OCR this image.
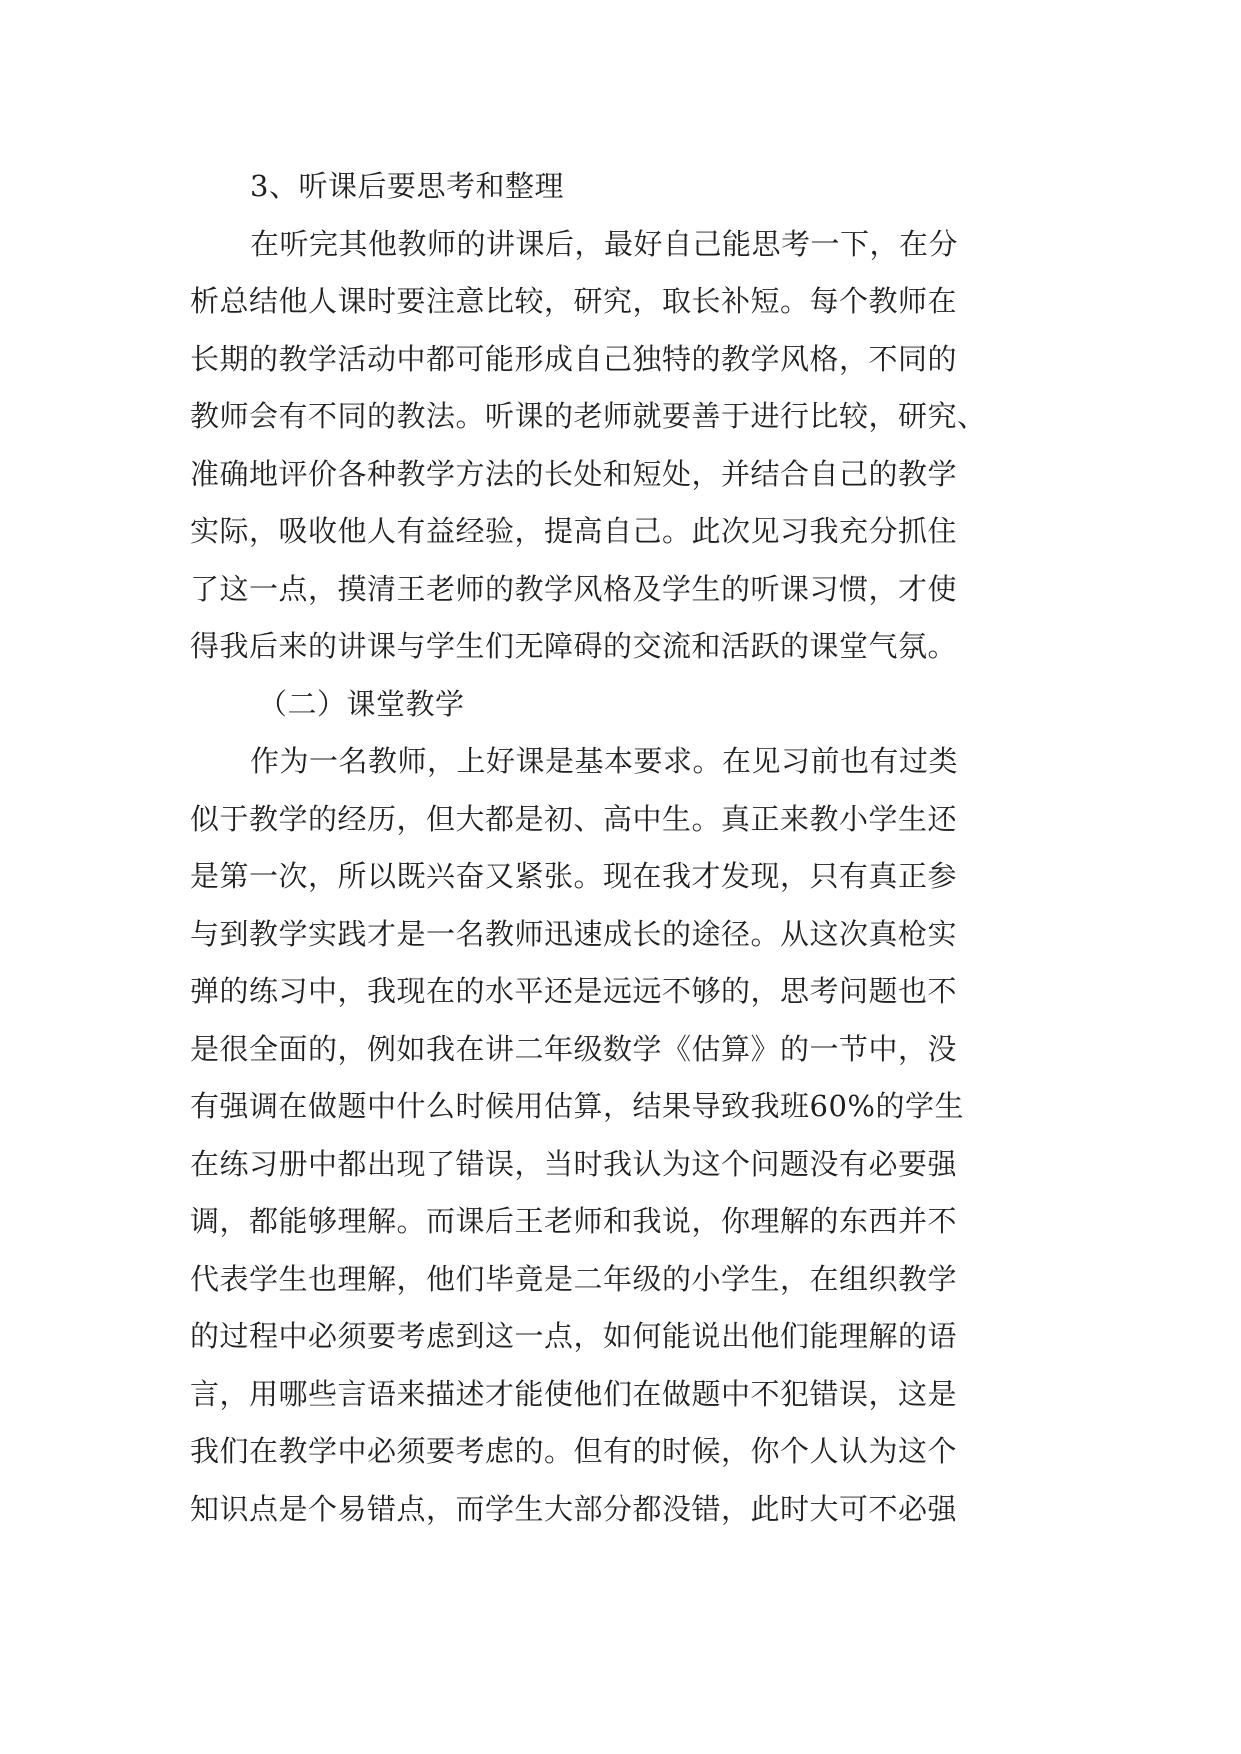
3、听课后要思考和整理
在听完其他教师的讲课后，最好自己能思考一下，在分
析总结他人课时要注意比较，研究，取长补短。每个教师在
长期的教学活动中都可能形成自己独特的教学风格，不同的
教师会有不同的教法。听课的老师就要善于进行比较，研究、
准确地评价各种教学方法的长处和短处，并结合自己的教学
实际，吸收他人有益经验，提高自己。此次见习我充分抓住
了这一点，摸清王老师的教学风格及学生的听课习惯，才使
得我后来的讲课与学生们无障碍的交流和活跃的课堂气氛。
（二）课堂教学
作为一名教师，上好课是基本要求。在见习前也有过类
似于教学的经历，但大都是初、高中生。真正来教小学生还
是第一次，所以既兴奋又紧张。现在我才发现，只有真正参
与到教学实践才是一名教师迅速成长的途径。从这次真枪实
弹的练习中，我现在的水平还是远远不够的，思考问题也不
是很全面的，例如我在讲二年级数学《估算》的一节中，没
有强调在做题中什么时候用估算，结果导致我班60%的学生
在练习册中都出现了错误，当时我认为这个问题没有必要强
调，都能够理解。而课后王老师和我说，你理解的东西并不
代表学生也理解，他们毕竟是二年级的小学生，在组织教学
的过程中必须要考虑到这一点，如何能说出他们能理解的语
言，用哪些言语来描述才能使他们在做题中不犯错误，这是
我们在教学中必须要考虑的。但有的时候，你个人认为这个
知识点是个易错点，而学生大部分都没错，此时大可不必强
